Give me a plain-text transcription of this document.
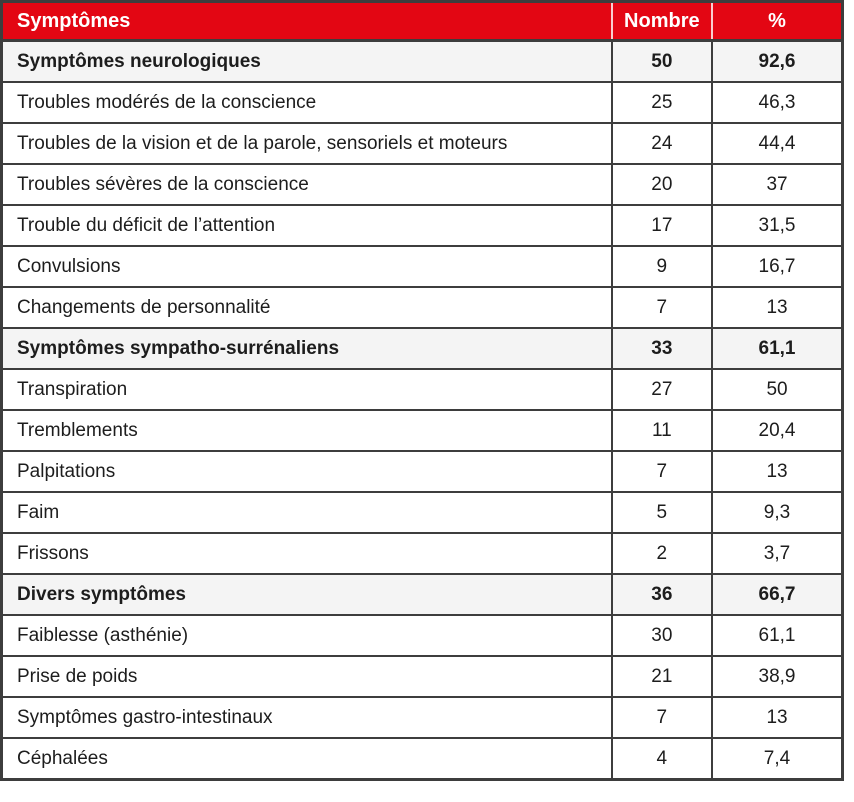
Symptômes	Nombre	%
Symptômes neurologiques	50	92,6
Troubles modérés de la conscience	25	46,3
Troubles de la vision et de la parole, sensoriels et moteurs	24	44,4
Troubles sévères de la conscience	20	37
Trouble du déficit de l’attention	17	31,5
Convulsions	9	16,7
Changements de personnalité	7	13
Symptômes sympatho-surrénaliens	33	61,1
Transpiration	27	50
Tremblements	11	20,4
Palpitations	7	13
Faim	5	9,3
Frissons	2	3,7
Divers symptômes	36	66,7
Faiblesse (asthénie)	30	61,1
Prise de poids	21	38,9
Symptômes gastro-intestinaux	7	13
Céphalées	4	7,4
